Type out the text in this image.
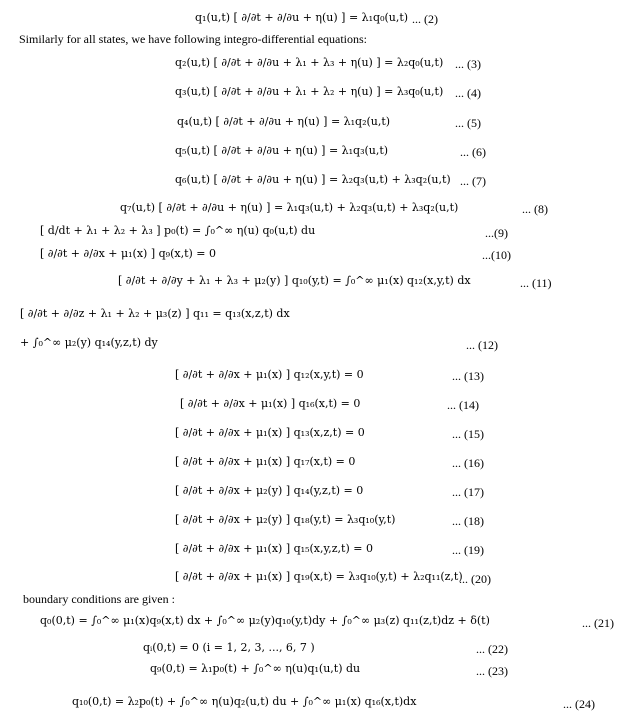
q₁(u,t) [ ∂/∂t + ∂/∂u + η(u) ] = λ₁q₀(u,t) ... (2)
Similarly for all states, we have following integro-differential equations:
q₂(u,t) [ ∂/∂t + ∂/∂u + λ₁ + λ₃ + η(u) ] = λ₂q₀(u,t) ... (3)
q₃(u,t) [ ∂/∂t + ∂/∂u + λ₁ + λ₂ + η(u) ] = λ₃q₀(u,t) ... (4)
q₄(u,t) [ ∂/∂t + ∂/∂u + η(u) ] = λ₁q₂(u,t)	... (5)
q₅(u,t) [ ∂/∂t + ∂/∂u + η(u) ] = λ₁q₃(u,t)	... (6)
q₆(u,t) [ ∂/∂t + ∂/∂u + η(u) ] = λ₂q₃(u,t) + λ₃q₂(u,t) ... (7)
q₇(u,t) [ ∂/∂t + ∂/∂u + η(u) ] = λ₁q₃(u,t) + λ₂q₃(u,t) + λ₃q₂(u,t)	... (8)
[ d/dt + λ₁ + λ₂ + λ₃ ] p₀(t) = ∫₀^∞ η(u) q₀(u,t) du	...(9)
[ ∂/∂t + ∂/∂x + μ₁(x) ] q₉(x,t) = 0	...(10)
[ ∂/∂t + ∂/∂y + λ₁ + λ₃ + μ₂(y) ] q₁₀(y,t) = ∫₀^∞ μ₁(x) q₁₂(x,y,t) dx	... (11)
[ ∂/∂t + ∂/∂z + λ₁ + λ₂ + μ₃(z) ] q₁₁ = q₁₃(x,z,t) dx
+ ∫₀^∞ μ₂(y) q₁₄(y,z,t) dy	... (12)
[ ∂/∂t + ∂/∂x + μ₁(x) ] q₁₂(x,y,t) = 0	... (13)
[ ∂/∂t + ∂/∂x + μ₁(x) ] q₁₆(x,t) = 0	... (14)
[ ∂/∂t + ∂/∂x + μ₁(x) ] q₁₃(x,z,t) = 0	... (15)
[ ∂/∂t + ∂/∂x + μ₁(x) ] q₁₇(x,t) = 0	... (16)
[ ∂/∂t + ∂/∂x + μ₂(y) ] q₁₄(y,z,t) = 0	... (17)
[ ∂/∂t + ∂/∂x + μ₂(y) ] q₁₈(y,t) = λ₃q₁₀(y,t)	... (18)
[ ∂/∂t + ∂/∂x + μ₁(x) ] q₁₅(x,y,z,t) = 0	... (19)
[ ∂/∂t + ∂/∂x + μ₁(x) ] q₁₉(x,t) = λ₃q₁₀(y,t) + λ₂q₁₁(z,t)
... (20)
boundary conditions are given :
q₀(0,t) = ∫₀^∞ μ₁(x)q₉(x,t) dx + ∫₀^∞ μ₂(y)q₁₀(y,t)dy + ∫₀^∞ μ₃(z) q₁₁(z,t)dz + δ(t)	... (21)
qᵢ(0,t) = 0 (i = 1, 2, 3, ..., 6, 7 )	... (22)
q₉(0,t) = λ₁p₀(t) + ∫₀^∞ η(u)q₁(u,t) du	... (23)
q₁₀(0,t) = λ₂p₀(t) + ∫₀^∞ η(u)q₂(u,t) du + ∫₀^∞ μ₁(x) q₁₆(x,t)dx	... (24)
